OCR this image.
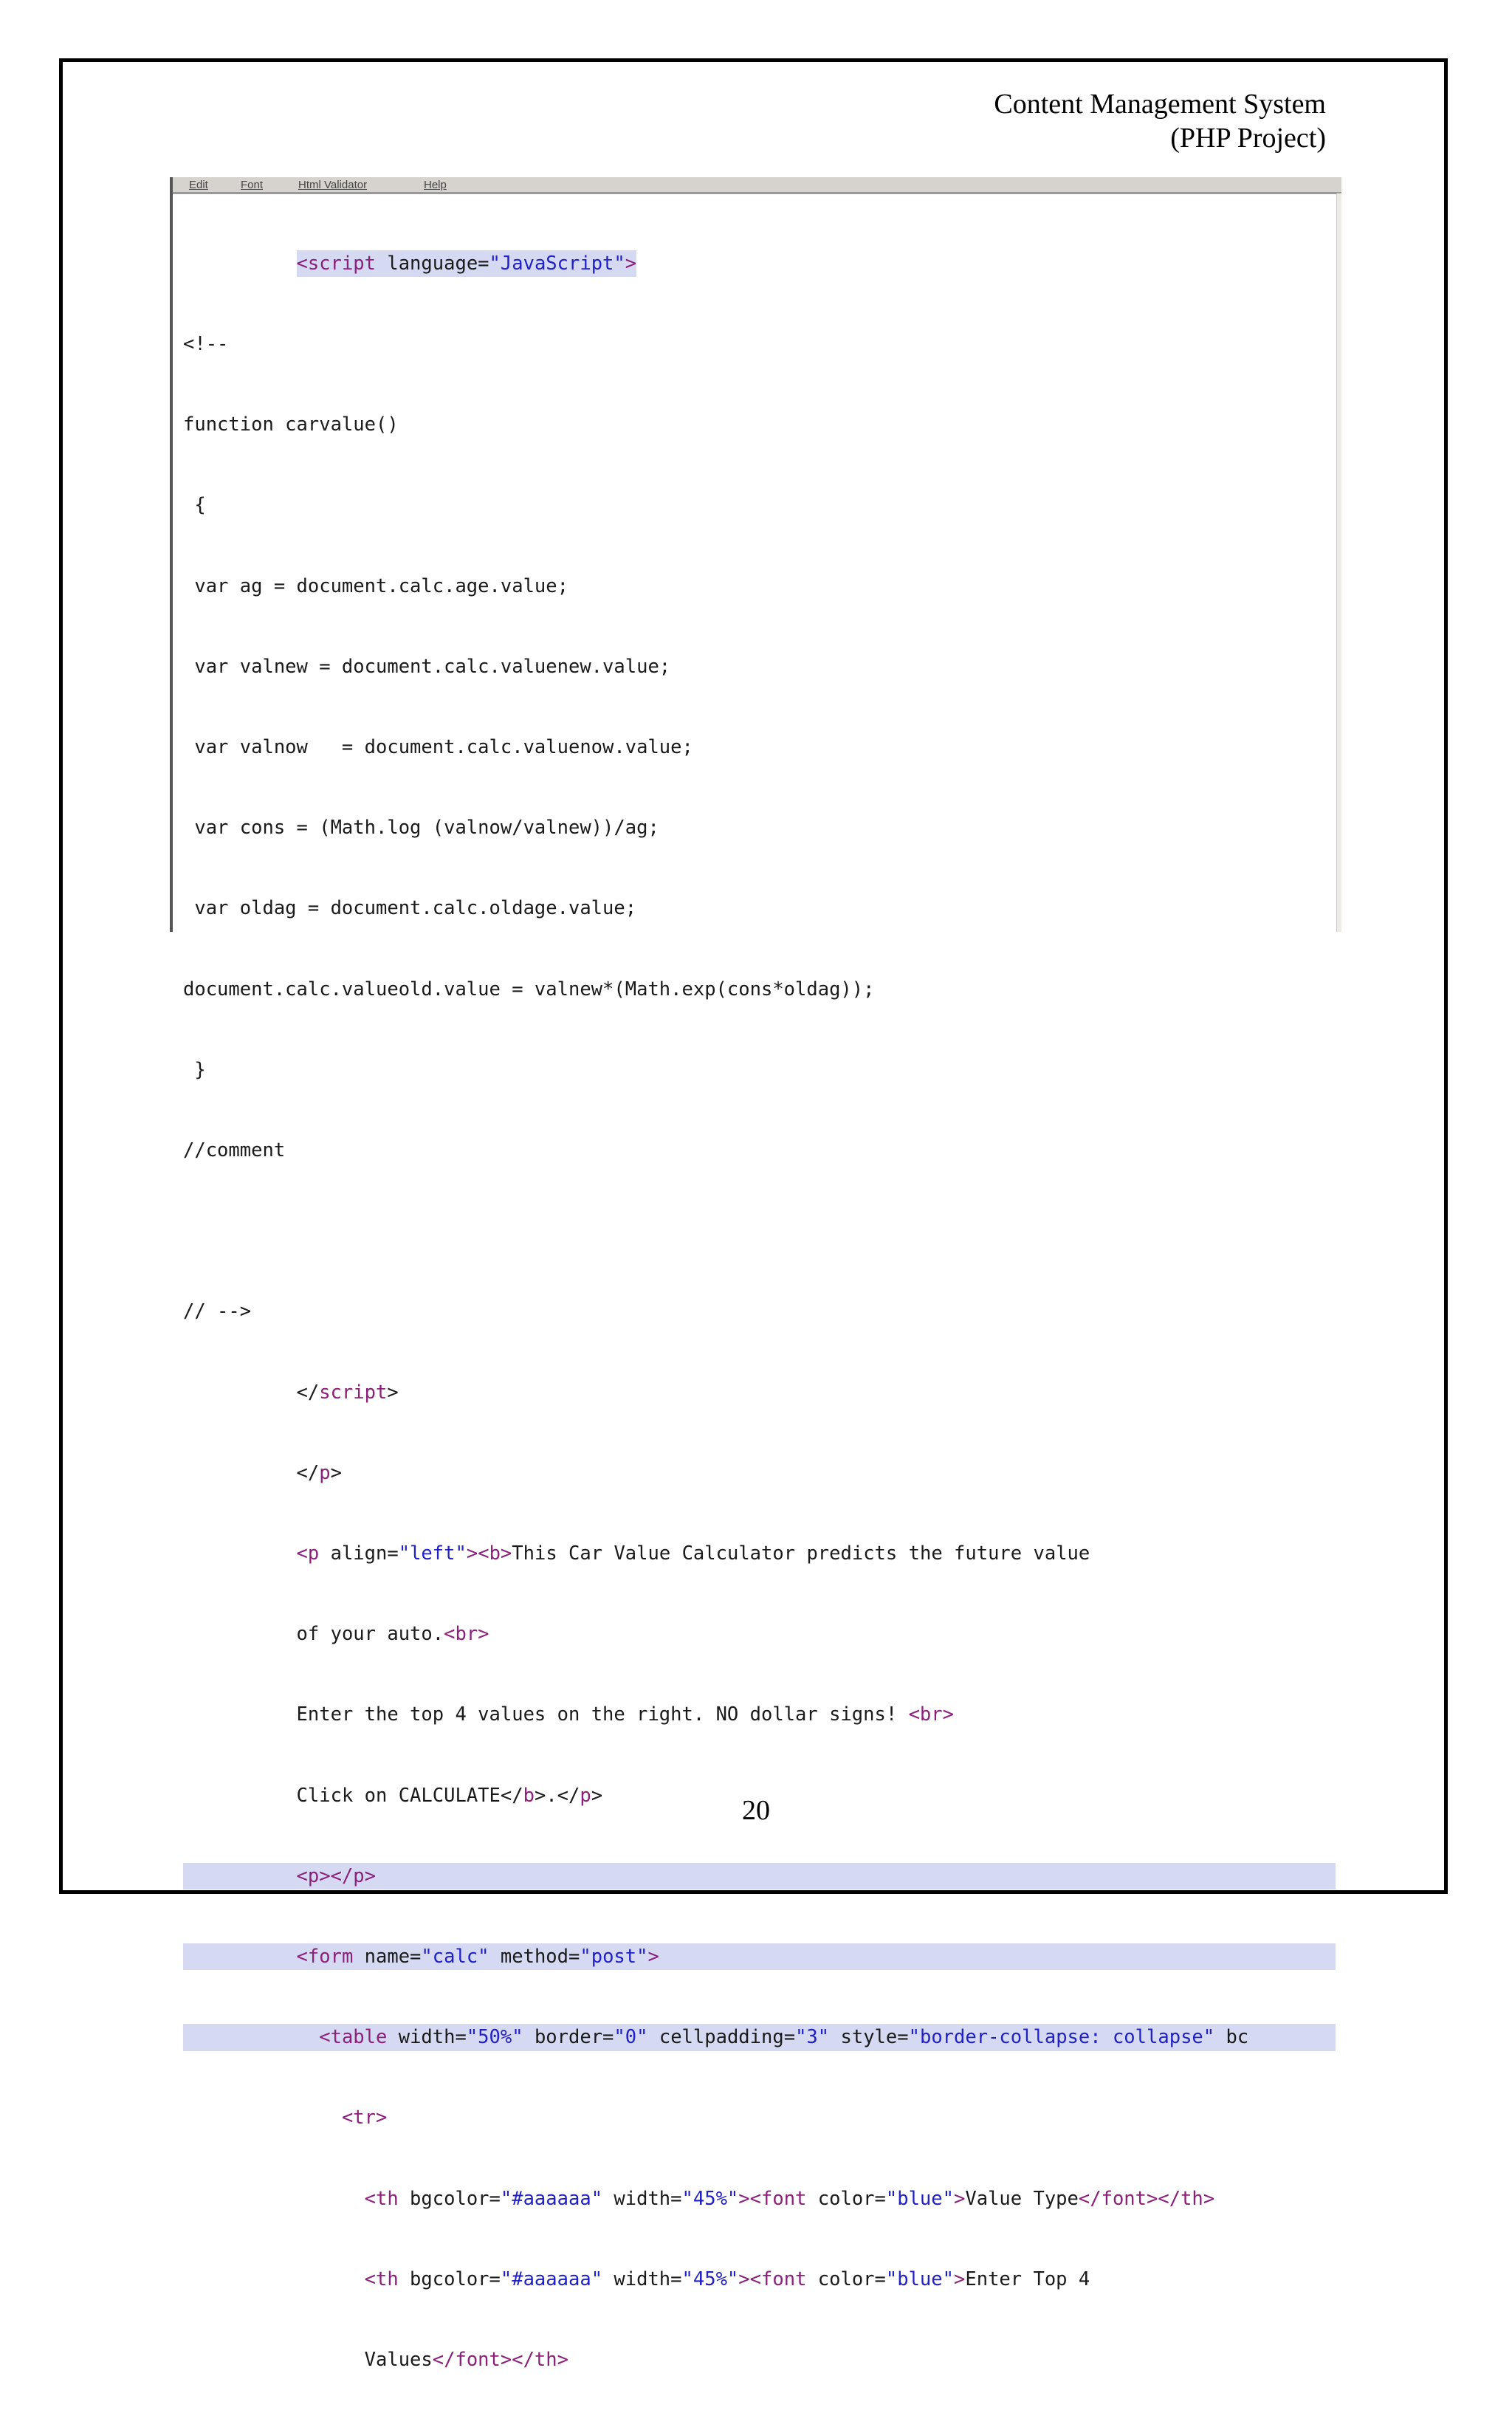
Content Management System
(PHP Project)
Edit	Font	Html Validator	Help

<script language="JavaScript">

<!--

function carvalue()

{

var ag = document.calc.age.value;

var valnew = document.calc.valuenew.value;

var valnow   = document.calc.valuenow.value;

var cons = (Math.log (valnow/valnew))/ag;

var oldag = document.calc.oldage.value;

document.calc.valueold.value = valnew*(Math.exp(cons*oldag));

}

//comment

// -->

</script>

</p>

<p align="left"><b>This Car Value Calculator predicts the future value

of your auto.<br>

Enter the top 4 values on the right. NO dollar signs! <br>

Click on CALCULATE</b>.</p>

<p></p>

<form name="calc" method="post">

<table width="50%" border="0" cellpadding="3" style="border-collapse: collapse" bc

<tr>

<th bgcolor="#aaaaaa" width="45%"><font color="blue">Value Type</font></th>

<th bgcolor="#aaaaaa" width="45%"><font color="blue">Enter Top 4

Values</font></th>

20
